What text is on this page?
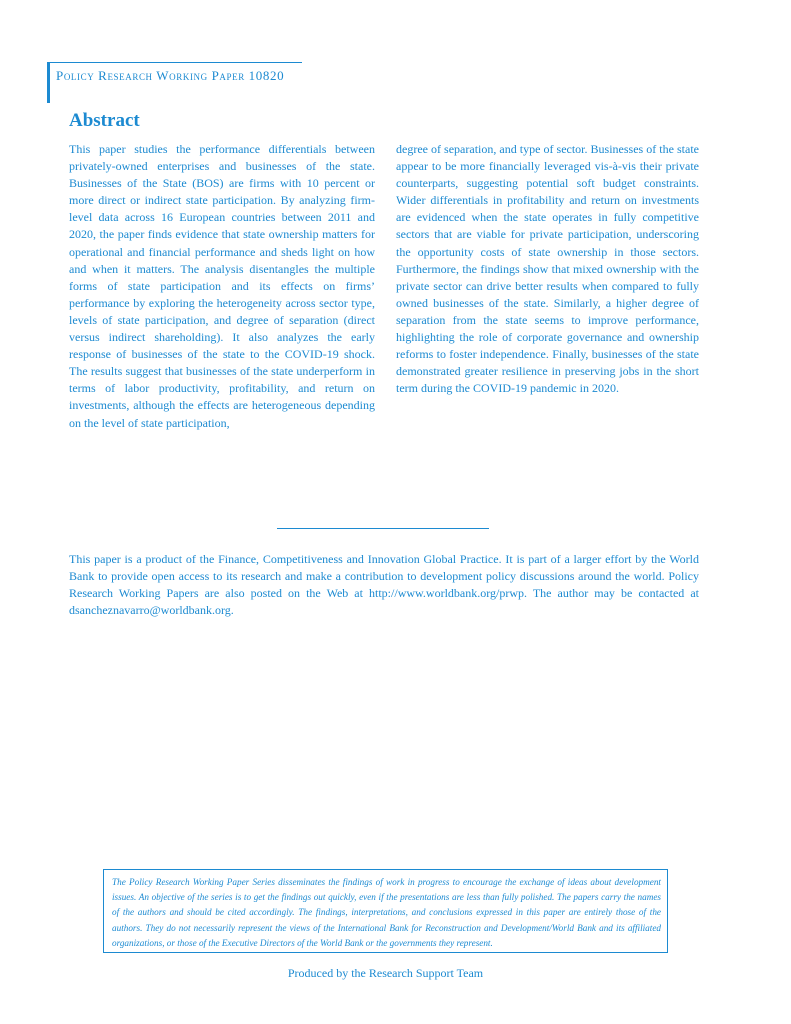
Policy Research Working Paper 10820
Abstract
This paper studies the performance differentials between privately-owned enterprises and businesses of the state. Businesses of the State (BOS) are firms with 10 percent or more direct or indirect state participation. By analyzing firm-level data across 16 European countries between 2011 and 2020, the paper finds evidence that state ownership matters for operational and financial performance and sheds light on how and when it matters. The analysis disentangles the multiple forms of state participation and its effects on firms’ performance by exploring the heterogeneity across sector type, levels of state participation, and degree of separation (direct versus indirect shareholding). It also analyzes the early response of businesses of the state to the COVID-19 shock. The results suggest that businesses of the state underperform in terms of labor productivity, profitability, and return on investments, although the effects are heterogeneous depending on the level of state participation,
degree of separation, and type of sector. Businesses of the state appear to be more financially leveraged vis-à-vis their private counterparts, suggesting potential soft budget constraints. Wider differentials in profitability and return on investments are evidenced when the state operates in fully competitive sectors that are viable for private participation, underscoring the opportunity costs of state ownership in those sectors. Furthermore, the findings show that mixed ownership with the private sector can drive better results when compared to fully owned businesses of the state. Similarly, a higher degree of separation from the state seems to improve performance, highlighting the role of corporate governance and ownership reforms to foster independence. Finally, businesses of the state demonstrated greater resilience in preserving jobs in the short term during the COVID-19 pandemic in 2020.
This paper is a product of the Finance, Competitiveness and Innovation Global Practice. It is part of a larger effort by the World Bank to provide open access to its research and make a contribution to development policy discussions around the world. Policy Research Working Papers are also posted on the Web at http://www.worldbank.org/prwp. The author may be contacted at dsancheznavarro@worldbank.org.
The Policy Research Working Paper Series disseminates the findings of work in progress to encourage the exchange of ideas about development issues. An objective of the series is to get the findings out quickly, even if the presentations are less than fully polished. The papers carry the names of the authors and should be cited accordingly. The findings, interpretations, and conclusions expressed in this paper are entirely those of the authors. They do not necessarily represent the views of the International Bank for Reconstruction and Development/World Bank and its affiliated organizations, or those of the Executive Directors of the World Bank or the governments they represent.
Produced by the Research Support Team
